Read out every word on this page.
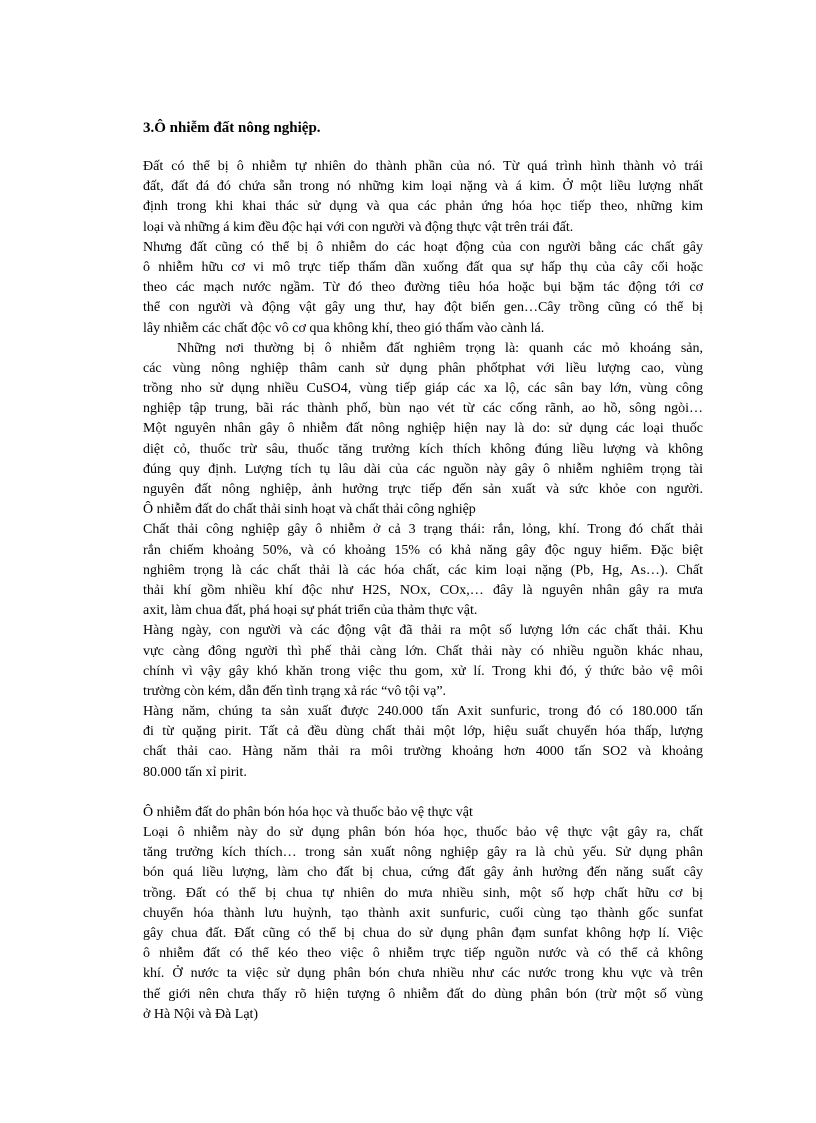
3.Ô nhiễm đất nông nghiệp.
Đất có thể bị ô nhiễm tự nhiên do thành phần của nó. Từ quá trình hình thành vỏ trái
đất, đất đá đó chứa sẵn trong nó những kim loại nặng và á kim. Ở một liều lượng nhất
định trong khi khai thác sử dụng và qua các phản ứng hóa học tiếp theo, những kim
loại và những á kim đều độc hại với con người và động thực vật trên trái đất.
Nhưng đất cũng có thể bị ô nhiễm do các hoạt động của con người bằng các chất gây
ô nhiễm hữu cơ vi mô trực tiếp thấm dần xuống đất qua sự hấp thụ của cây cối hoặc
theo các mạch nước ngầm. Từ đó theo đường tiêu hóa hoặc bụi bặm tác động tới cơ
thể con người và động vật gây ung thư, hay đột biến gen…Cây trồng cũng có thể bị
lây nhiễm các chất độc vô cơ qua không khí, theo gió thấm vào cành lá.
Những nơi thường bị ô nhiễm đất nghiêm trọng là: quanh các mỏ khoáng sản,
các vùng nông nghiệp thâm canh sử dụng phân phốtphat với liều lượng cao, vùng
trồng nho sử dụng nhiều CuSO4, vùng tiếp giáp các xa lộ, các sân bay lớn, vùng công
nghiệp tập trung, bãi rác thành phố, bùn nạo vét từ các cống rãnh, ao hồ, sông ngòi…
Một nguyên nhân gây ô nhiễm đất nông nghiệp hiện nay là do: sử dụng các loại thuốc
diệt cỏ, thuốc trừ sâu, thuốc tăng trưởng kích thích không đúng liều lượng và không
đúng quy định. Lượng tích tụ lâu dài của các nguồn này gây ô nhiễm nghiêm trọng tài
nguyên đất nông nghiệp, ảnh hưởng trực tiếp đến sản xuất và sức khỏe con người.
Ô nhiễm đất do chất thải sinh hoạt và chất thải công nghiệp
Chất thải công nghiệp gây ô nhiễm ở cả 3 trạng thái: rắn, lỏng, khí. Trong đó chất thải
rắn chiếm khoảng 50%, và có khoảng 15% có khả năng gây độc nguy hiểm. Đặc biệt
nghiêm trọng là các chất thải là các hóa chất, các kim loại nặng (Pb, Hg, As…). Chất
thải khí gồm nhiều khí độc như H2S, NOx, COx,… đây là nguyên nhân gây ra mưa
axit, làm chua đất, phá hoại sự phát triển của thảm thực vật.
Hàng ngày, con người và các động vật đã thải ra một số lượng lớn các chất thải. Khu
vực càng đông người thì phế thải càng lớn. Chất thải này có nhiều nguồn khác nhau,
chính vì vậy gây khó khăn trong việc thu gom, xử lí. Trong khi đó, ý thức bảo vệ môi
trường còn kém, dẫn đến tình trạng xả rác “vô tội vạ”.
Hàng năm, chúng ta sản xuất được 240.000 tấn Axit sunfuric, trong đó có 180.000 tấn
đi từ quặng pirit. Tất cả đều dùng chất thải một lớp, hiệu suất chuyển hóa thấp, lượng
chất thải cao. Hàng năm thải ra môi trường khoảng hơn 4000 tấn SO2 và khoảng
80.000 tấn xỉ pirit.
Ô nhiễm đất do phân bón hóa học và thuốc bảo vệ thực vật
Loại ô nhiễm này do sử dụng phân bón hóa học, thuốc bảo vệ thực vật gây ra, chất
tăng trưởng kích thích… trong sản xuất nông nghiệp gây ra là chủ yếu. Sử dụng phân
bón quá liều lượng, làm cho đất bị chua, cứng đất gây ảnh hưởng đến năng suất cây
trồng. Đất có thể bị chua tự nhiên do mưa nhiều sinh, một số hợp chất hữu cơ bị
chuyển hóa thành lưu huỳnh, tạo thành axit sunfuric, cuối cùng tạo thành gốc sunfat
gây chua đất. Đất cũng có thể bị chua do sử dụng phân đạm sunfat không hợp lí. Việc
ô nhiễm đất có thể kéo theo việc ô nhiễm trực tiếp nguồn nước và có thể cả không
khí. Ở nước ta việc sử dụng phân bón chưa nhiều như các nước trong khu vực và trên
thế giới nên chưa thấy rõ hiện tượng ô nhiễm đất do dùng phân bón (trừ một số vùng
ở Hà Nội và Đà Lạt)
